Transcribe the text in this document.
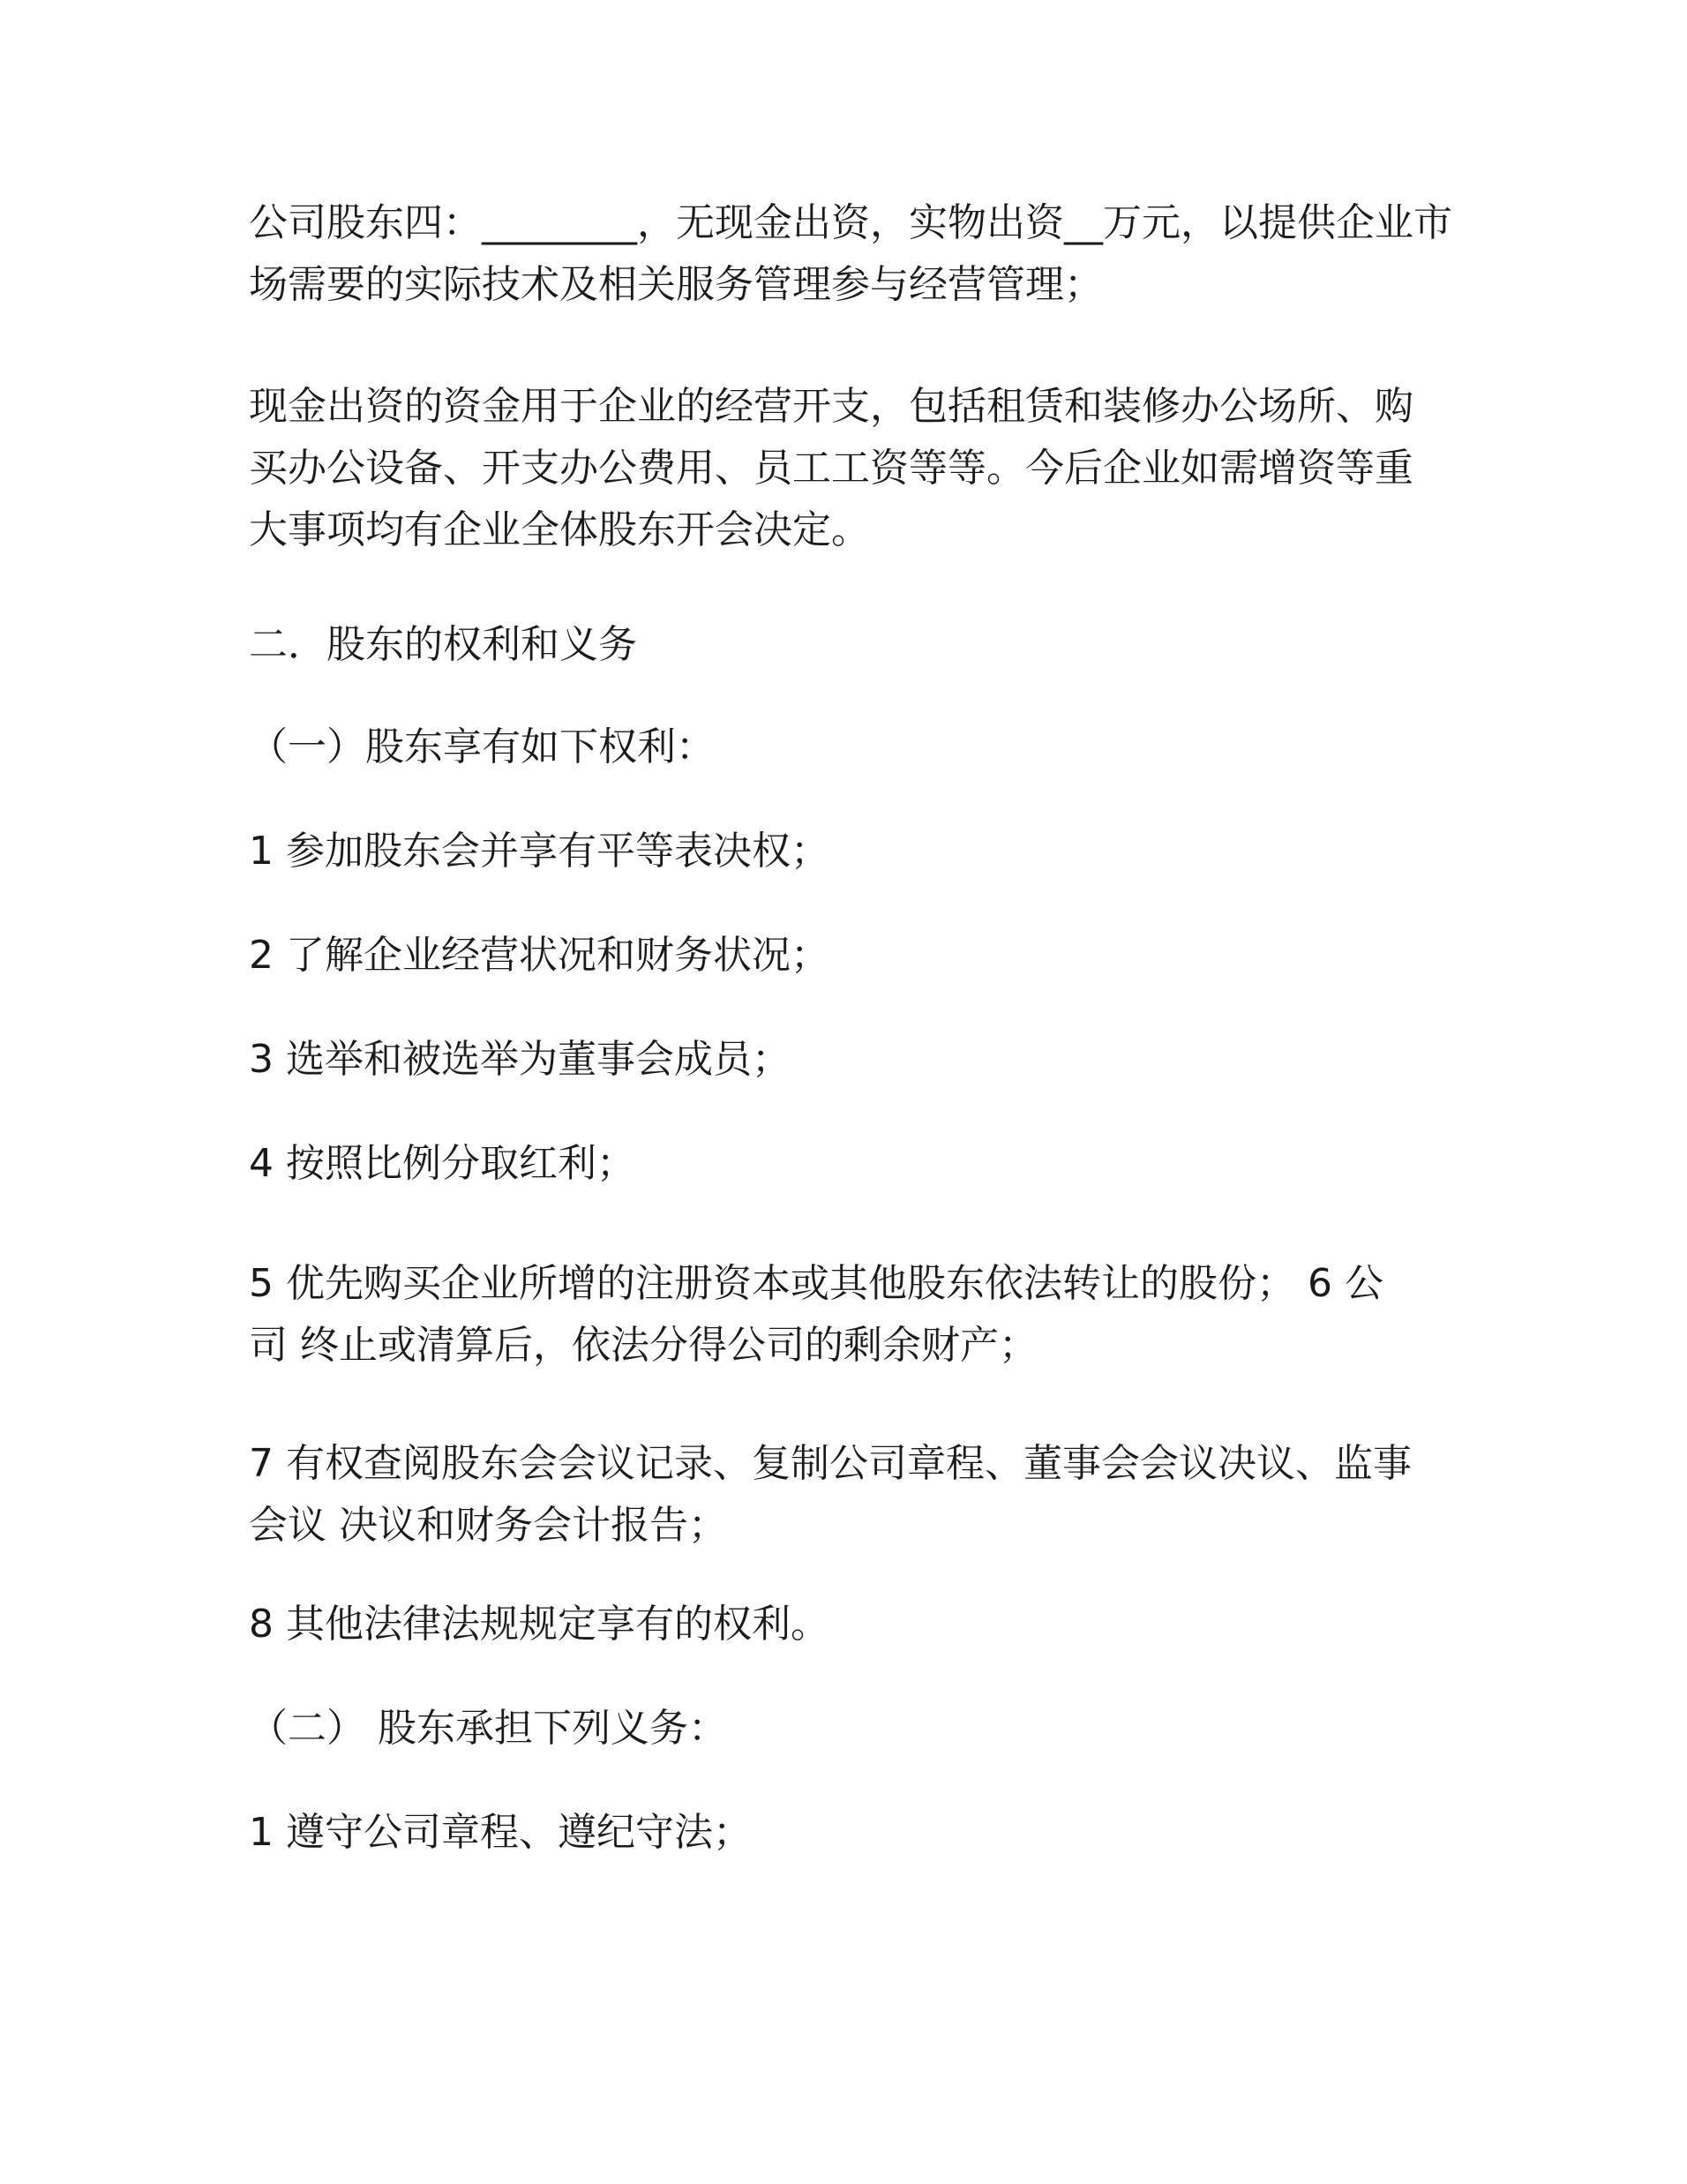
公司股东四：________，无现金出资，实物出资__万元，以提供企业市
场需要的实际技术及相关服务管理参与经营管理；

现金出资的资金用于企业的经营开支，包括租赁和装修办公场所、购
买办公设备、开支办公费用、员工工资等等。今后企业如需增资等重
大事项均有企业全体股东开会决定。

二．股东的权利和义务

（一）股东享有如下权利：

1 参加股东会并享有平等表决权；

2 了解企业经营状况和财务状况；

3 选举和被选举为董事会成员；

4 按照比例分取红利；

5 优先购买企业所增的注册资本或其他股东依法转让的股份； 6 公
司 终止或清算后，依法分得公司的剩余财产；

7 有权查阅股东会会议记录、复制公司章程、董事会会议决议、监事
会议 决议和财务会计报告；

8 其他法律法规规定享有的权利。

（二） 股东承担下列义务：

1 遵守公司章程、遵纪守法；
